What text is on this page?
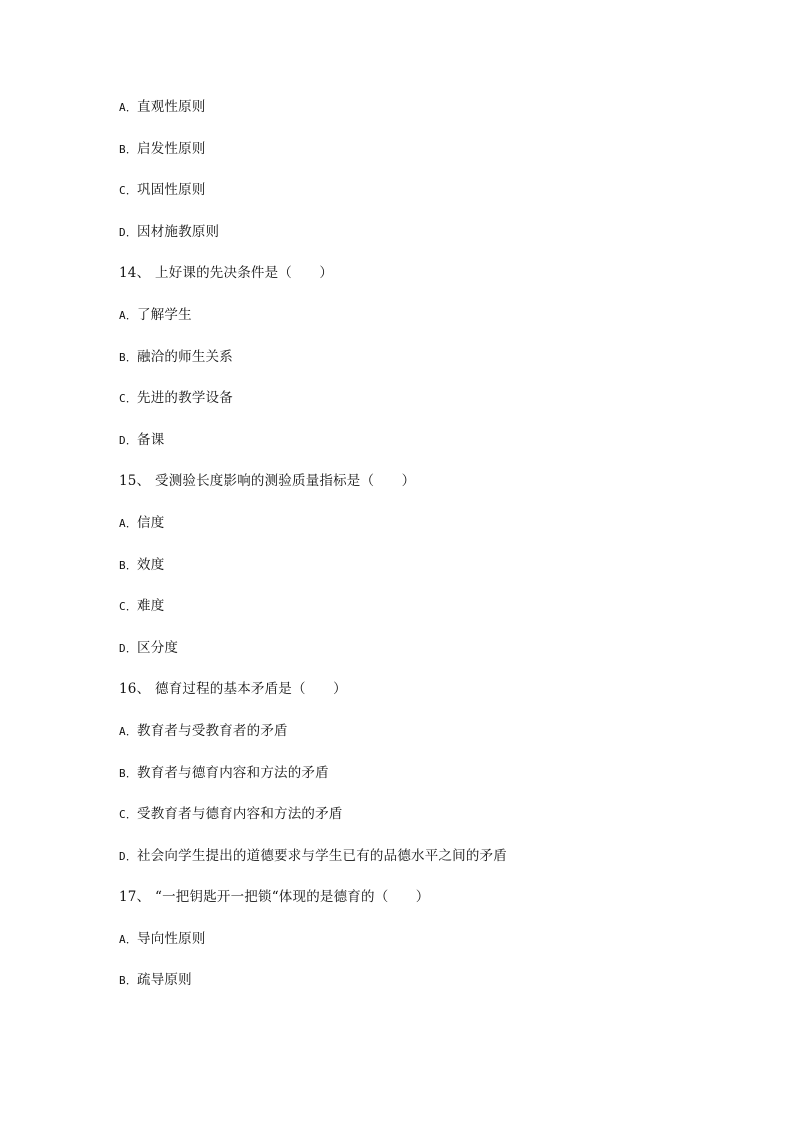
A．直观性原则
B．启发性原则
C．巩固性原则
D．因材施教原则
14、 上好课的先决条件是（　　）
A．了解学生
B．融洽的师生关系
C．先进的教学设备
D．备课
15、 受测验长度影响的测验质量指标是（　　）
A．信度
B．效度
C．难度
D．区分度
16、 德育过程的基本矛盾是（　　）
A．教育者与受教育者的矛盾
B．教育者与德育内容和方法的矛盾
C．受教育者与德育内容和方法的矛盾
D．社会向学生提出的道德要求与学生已有的品德水平之间的矛盾
17、 “一把钥匙开一把锁“体现的是德育的（　　）
A．导向性原则
B．疏导原则
